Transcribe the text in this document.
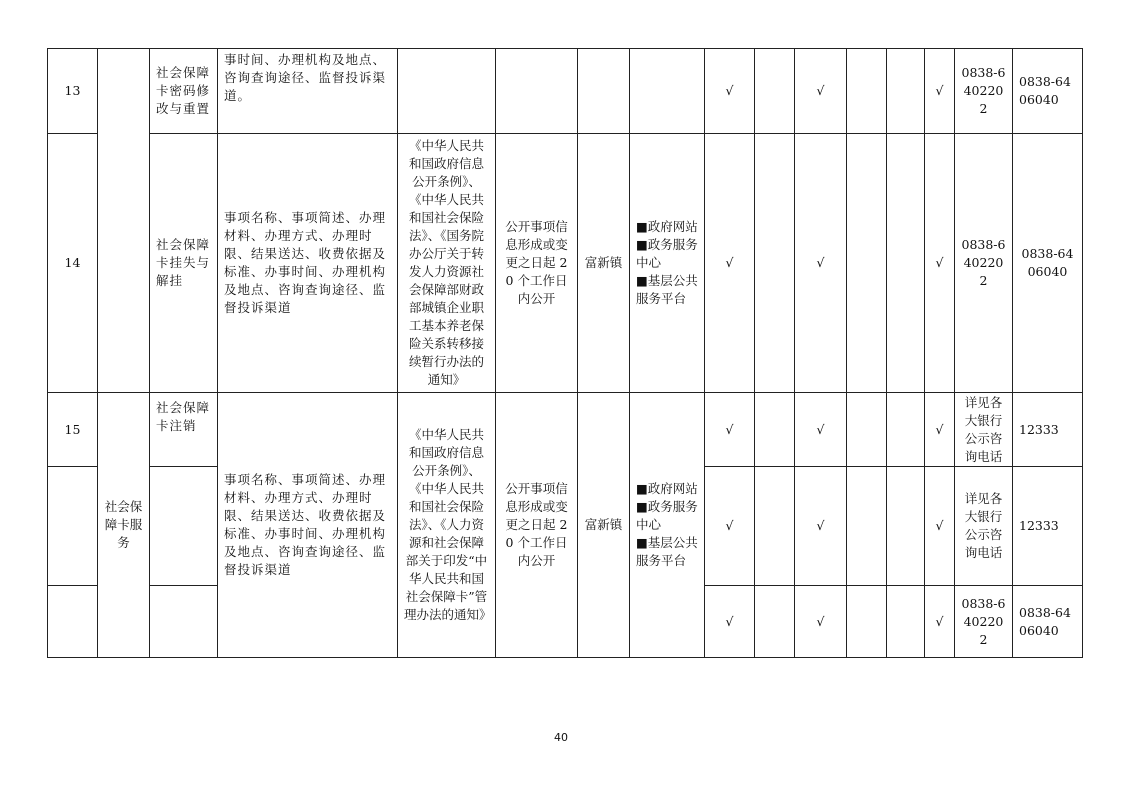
13		社会保障卡密码修改与重置	事时间、办理机构及地点、咨询查询途径、监督投诉渠道。					√		√			√	0838-6402202	0838-6406040
14		社会保障卡挂失与解挂	事项名称、事项简述、办理材料、办理方式、办理时限、结果送达、收费依据及标准、办事时间、办理机构及地点、咨询查询途径、监督投诉渠道	《中华人民共和国政府信息公开条例》、《中华人民共和国社会保险法》、《国务院办公厅关于转发人力资源社会保障部财政部城镇企业职工基本养老保险关系转移接续暂行办法的通知》	公开事项信息形成或变更之日起 20 个工作日内公开	富新镇	■政府网站
■政务服务中心
■基层公共服务平台	√		√			√	0838-6402202	0838-6406040
15	社会保障卡服务	社会保障卡注销	事项名称、事项简述、办理材料、办理方式、办理时限、结果送达、收费依据及标准、办事时间、办理机构及地点、咨询查询途径、监督投诉渠道	《中华人民共和国政府信息公开条例》、《中华人民共和国社会保险法》、《人力资源和社会保障部关于印发“中华人民共和国社会保障卡”管理办法的通知》	公开事项信息形成或变更之日起 20 个工作日内公开	富新镇	■政府网站
■政务服务中心
■基层公共服务平台	√		√			√	详见各大银行公示咨询电话	12333
								√		√			√	详见各大银行公示咨询电话	12333
								√		√			√	0838-6402202	0838-6406040
40
